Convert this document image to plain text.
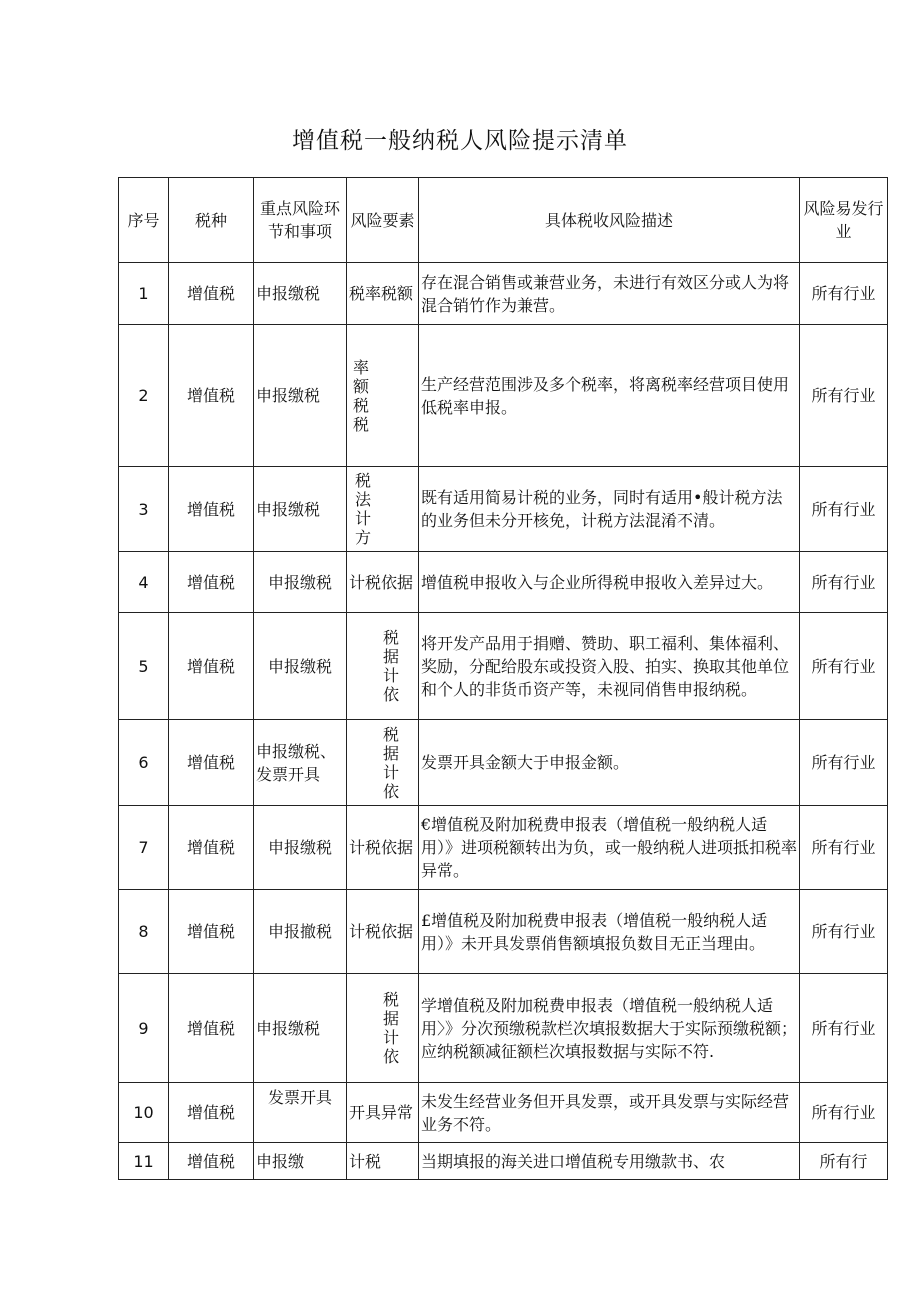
增值税一般纳税人风险提示清单
序号	税种	重点风险环节和事项	风险要素	具体税收风险描述	风险易发行业
1	增值税	申报缴税	税率税额	存在混合销售或兼营业务，未进行有效区分或人为将混合销竹作为兼营。	所有行业
2	增值税	申报缴税	率额税税	生产经营范围涉及多个税率，将离税率经营项目使用低税率申报。	所有行业
3	增值税	申报缴税	税法计方	既有适用简易计税的业务，同时有适用•般计税方法的业务但未分开核免，计税方法混淆不清。	所有行业
4	增值税	申报缴税	计税依据	增值税申报收入与企业所得税申报收入差异过大。	所有行业
5	增值税	申报缴税	税据计依	将开发产品用于捐赠、赞助、职工福利、集体福利、奖励，分配给股东或投资入股、拍实、换取其他单位和个人的非货币资产等，未视同俏售申报纳税。	所有行业
6	增值税	申报缴税、发票开具	税据计依	发票开具金额大于申报金额。	所有行业
7	增值税	申报缴税	计税依据	€增值税及附加税费申报表（增值税一般纳税人适用）》进项税额转出为负，或一般纳税人进项抵扣税率异常。	所有行业
8	增值税	申报撤税	计税依据	£增值税及附加税费申报表（增值税一般纳税人适用）》未开具发票俏售额填报负数目无正当理由。	所有行业
9	增值税	申报缴税	税据计依	学增值税及附加税费申报表（增值税一般纳税人适用〉》分次预缴税款栏次填报数据大于实际预缴税额；应纳税额减征额栏次填报数据与实际不符.	所有行业
10	增值税	发票开具	开具异常	未发生经营业务但开具发票，或开具发票与实际经营业务不符。	所有行业
11	增值税	申报缴	计税	当期填报的海关进口增值税专用缴款书、农	所有行
